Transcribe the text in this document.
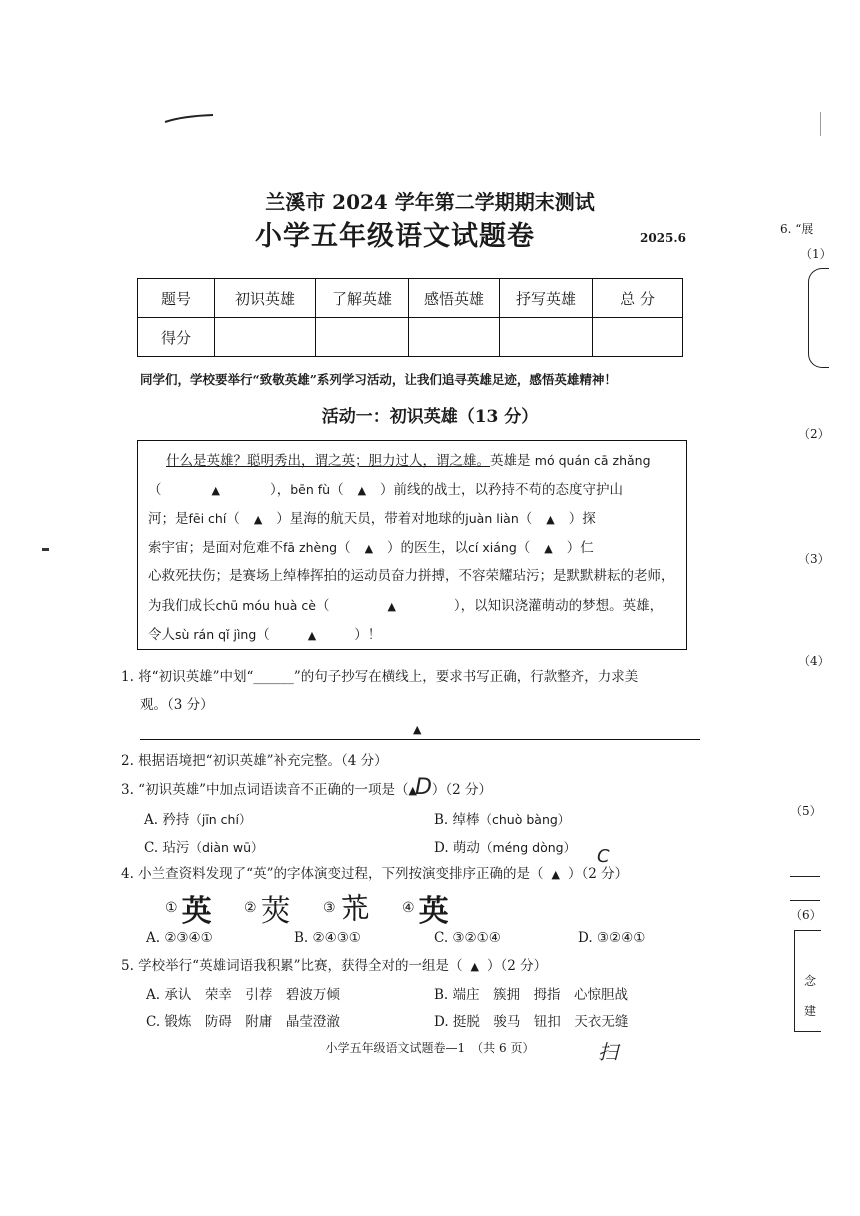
兰溪市 2024 学年第二学期期末测试
小学五年级语文试题卷	2025.6
题号	初识英雄	了解英雄	感悟英雄	抒写英雄	总 分
得分					
同学们，学校要举行“致敬英雄”系列学习活动，让我们追寻英雄足迹，感悟英雄精神！
活动一：初识英雄（13 分）
什么是英雄？聪明秀出，谓之英；胆力过人，谓之雄。英雄是 mó quán cā zhǎng
（	▲	），bēn fù（ ▲ ）前线的战士，以矜持不苟的态度守护山
河；是fēi chí（ ▲ ）星海的航天员，带着对地球的juàn liàn（ ▲ ）探
索宇宙；是面对危难不fā zhèng（ ▲ ）的医生，以cí xiáng（ ▲ ）仁
心救死扶伤；是赛场上绰棒挥拍的运动员奋力拼搏，不容荣耀玷污；是默默耕耘的老师，
为我们成长chū móu huà cè（	▲	），以知识浇灌萌动的梦想。英雄，
令人sù rán qǐ jìng（	▲	）！
1. 将“初识英雄”中划“______”的句子抄写在横线上，要求书写正确，行款整齐，力求美
观。（3 分）
▲
2. 根据语境把“初识英雄”补充完整。（4 分）
3. “初识英雄”中加点词语读音不正确的一项是（▲D）（2 分）
A. 矜持（jīn chí）	B. 绰棒（chuò bàng）
C. 玷污（diàn wū）	D. 萌动（méng dòng） C
4. 小兰查资料发现了“英”的字体演变过程，下列按演变排序正确的是（ ▲ ）（2 分）
① 英 ② 莢 ③ 𦬸 ④ 英
A. ②③④①	B. ②④③①	C. ③②①④	D. ③②④①
5. 学校举行“英雄词语我积累”比赛，获得全对的一组是（ ▲ ）（2 分）
A. 承认　荣幸　引荐　碧波万倾	B. 端庄　簇拥　拇指　心惊胆战
C. 锻炼　防碍　附庸　晶莹澄澈	D. 挺脱　骏马　钮扣　天衣无缝
小学五年级语文试题卷—1　（共 6 页）	扫
6. “展
（1）
（2）
（3）
（4）
（5）
（6）
念
建
